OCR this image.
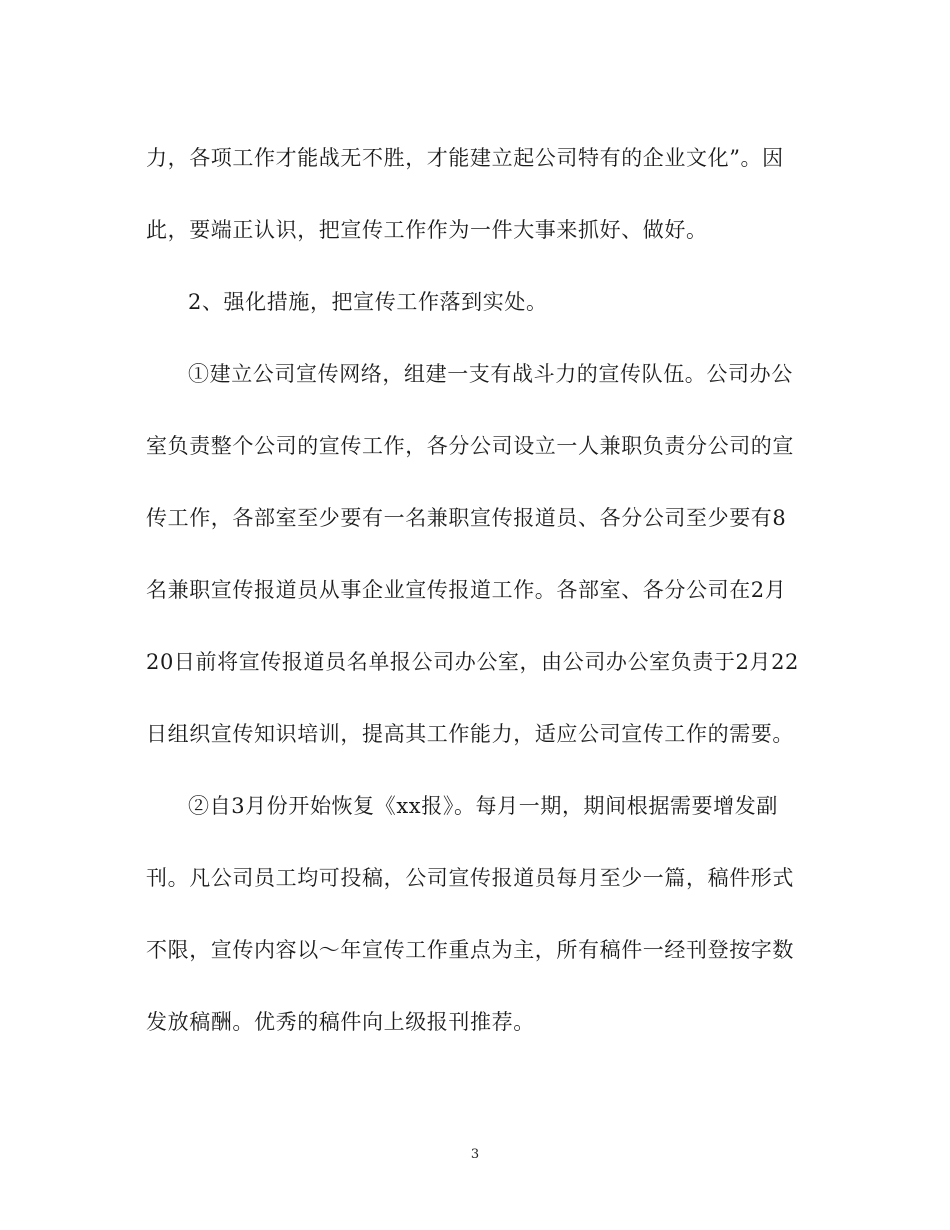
力，各项工作才能战无不胜，才能建立起公司特有的企业文化”。因
此，要端正认识，把宣传工作作为一件大事来抓好、做好。
2、强化措施，把宣传工作落到实处。
①建立公司宣传网络，组建一支有战斗力的宣传队伍。公司办公
室负责整个公司的宣传工作，各分公司设立一人兼职负责分公司的宣
传工作，各部室至少要有一名兼职宣传报道员、各分公司至少要有8
名兼职宣传报道员从事企业宣传报道工作。各部室、各分公司在2月
20日前将宣传报道员名单报公司办公室，由公司办公室负责于2月22
日组织宣传知识培训，提高其工作能力，适应公司宣传工作的需要。
②自3月份开始恢复《xx报》。每月一期，期间根据需要增发副
刊。凡公司员工均可投稿，公司宣传报道员每月至少一篇，稿件形式
不限，宣传内容以～年宣传工作重点为主，所有稿件一经刊登按字数
发放稿酬。优秀的稿件向上级报刊推荐。
3
